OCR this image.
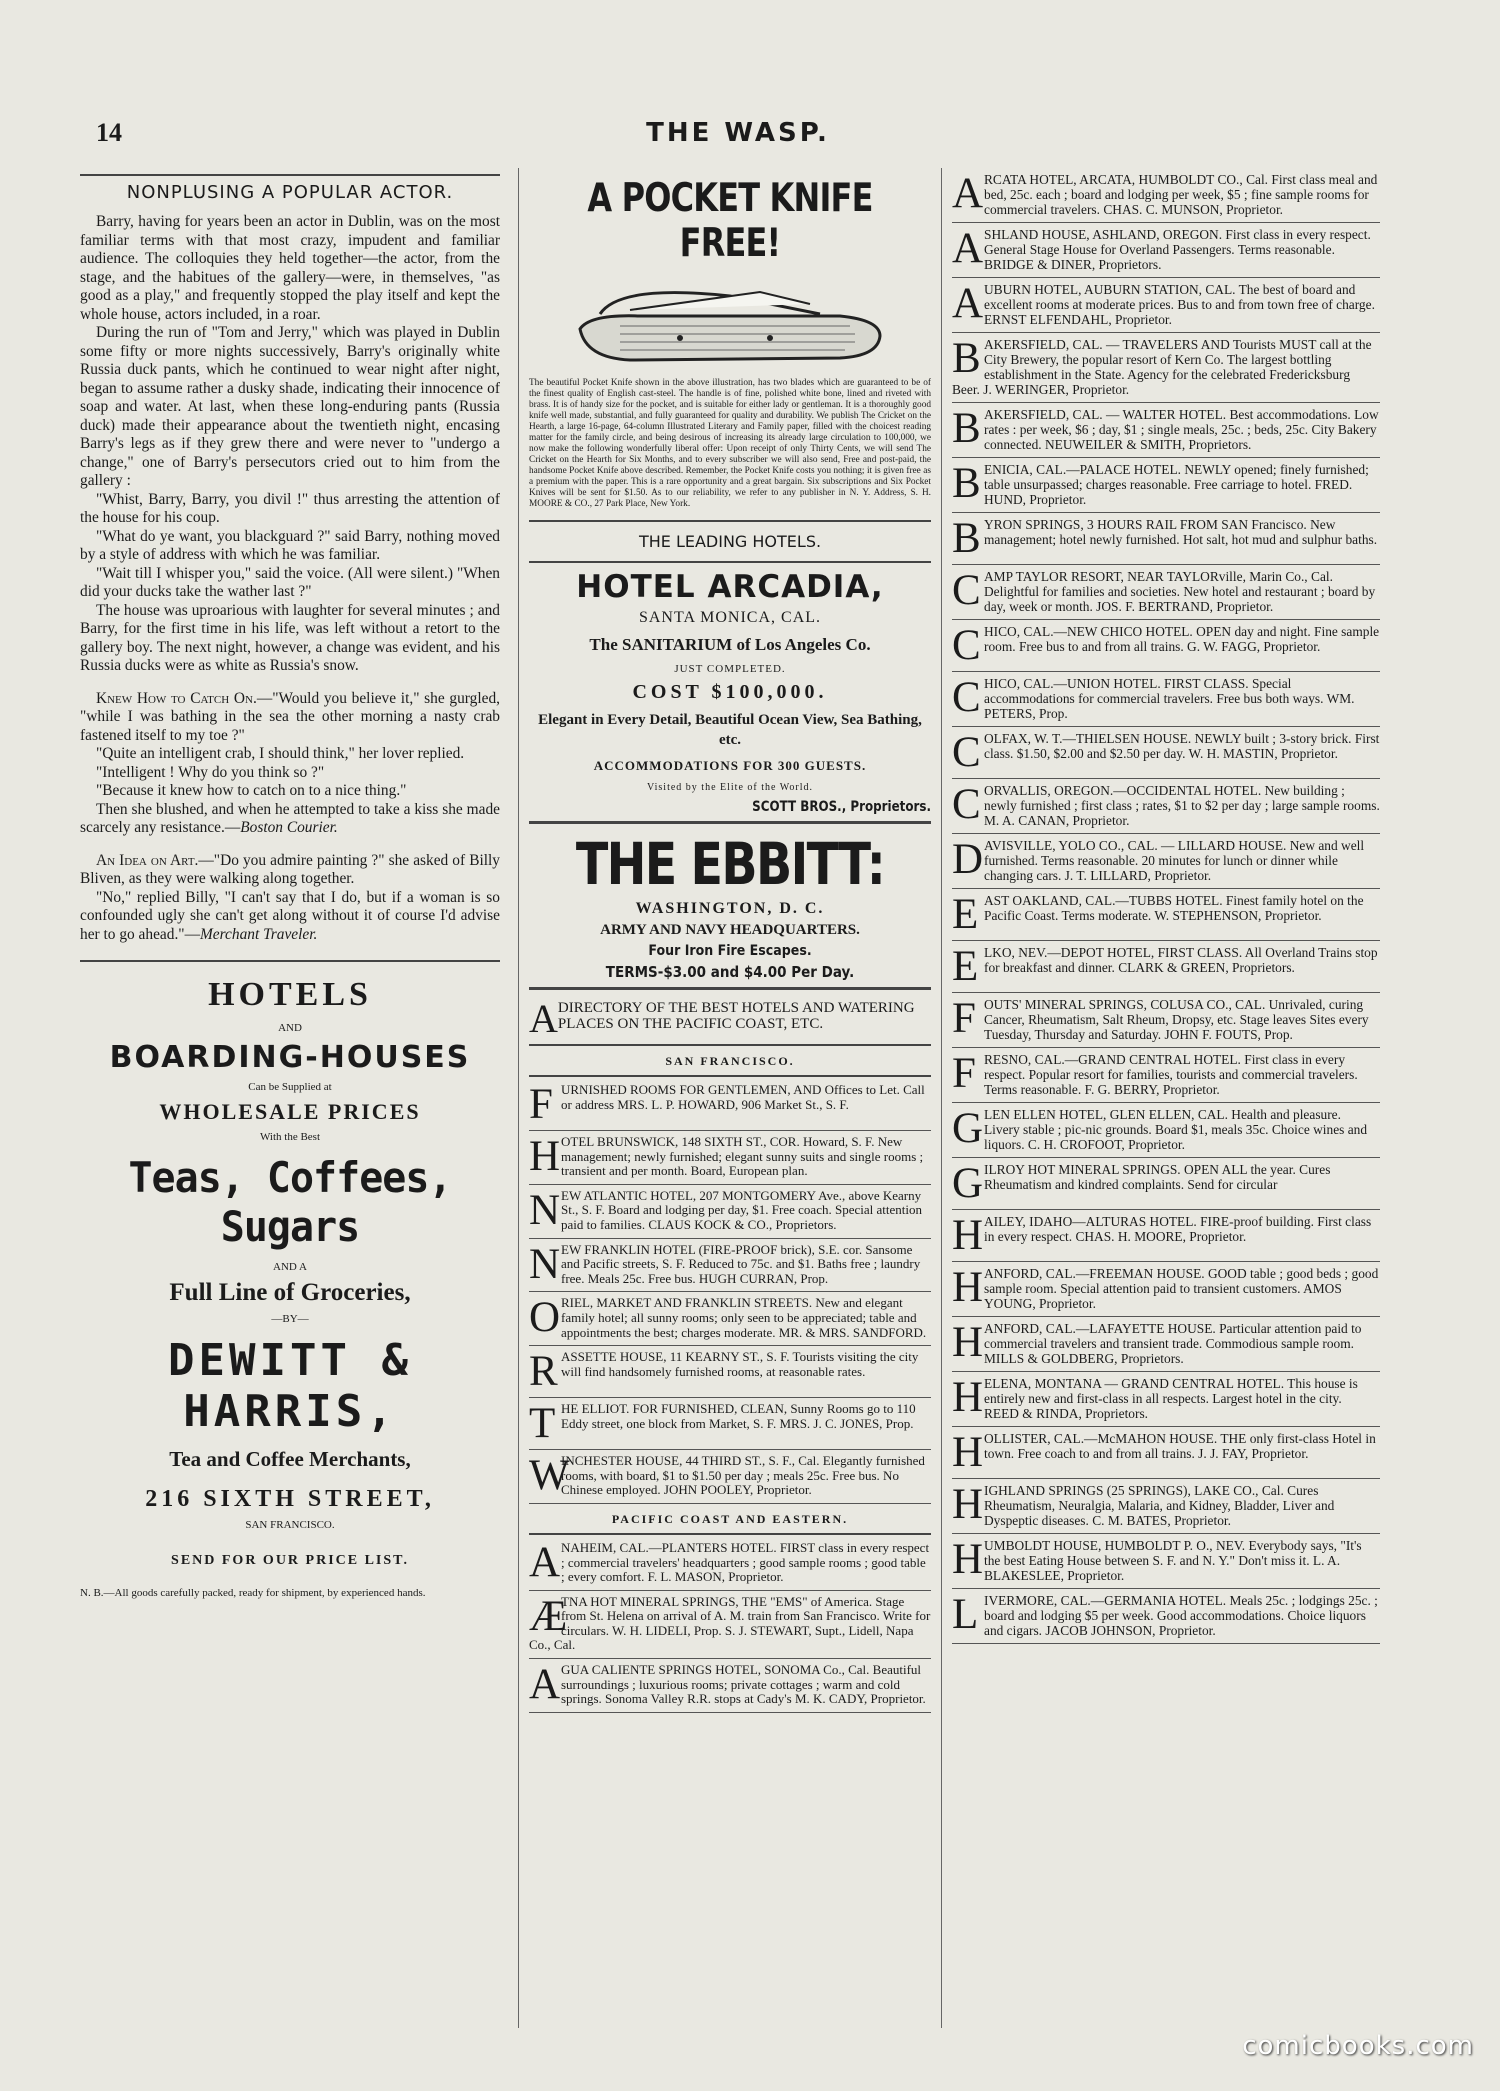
14	THE WASP.
NONPLUSING A POPULAR ACTOR.

Barry, having for years been an actor in Dublin, was on the most familiar terms with that most crazy, impudent and familiar audience. The colloquies they held together—the actor, from the stage, and the habitues of the gallery—were, in themselves, "as good as a play," and frequently stopped the play itself and kept the whole house, actors included, in a roar.

During the run of "Tom and Jerry," which was played in Dublin some fifty or more nights successively, Barry's originally white Russia duck pants, which he continued to wear night after night, began to assume rather a dusky shade, indicating their innocence of soap and water. At last, when these long-enduring pants (Russia duck) made their appearance about the twentieth night, encasing Barry's legs as if they grew there and were never to "undergo a change," one of Barry's persecutors cried out to him from the gallery :

"Whist, Barry, Barry, you divil !" thus arresting the attention of the house for his coup.

"What do ye want, you blackguard ?" said Barry, nothing moved by a style of address with which he was familiar.

"Wait till I whisper you," said the voice. (All were silent.) "When did your ducks take the wather last ?"

The house was uproarious with laughter for several minutes ; and Barry, for the first time in his life, was left without a retort to the gallery boy. The next night, however, a change was evident, and his Russia ducks were as white as Russia's snow.

Knew How to Catch On.—"Would you believe it," she gurgled, "while I was bathing in the sea the other morning a nasty crab fastened itself to my toe ?"

"Quite an intelligent crab, I should think," her lover replied.

"Intelligent ! Why do you think so ?"

"Because it knew how to catch on to a nice thing."

Then she blushed, and when he attempted to take a kiss she made scarcely any resistance.—Boston Courier.

An Idea on Art.—"Do you admire painting ?" she asked of Billy Bliven, as they were walking along together.

"No," replied Billy, "I can't say that I do, but if a woman is so confounded ugly she can't get along without it of course I'd advise her to go ahead."—Merchant Traveler.

HOTELS
AND
BOARDING-HOUSES
Can be Supplied at
WHOLESALE PRICES
With the Best
Teas, Coffees, Sugars
AND A
Full Line of Groceries,
—BY—
DEWITT & HARRIS,
Tea and Coffee Merchants,
216 SIXTH STREET,
SAN FRANCISCO.
SEND FOR OUR PRICE LIST.
N. B.—All goods carefully packed, ready for shipment, by experienced hands.
A POCKET KNIFE FREE!
The beautiful Pocket Knife shown in the above illustration, has two blades which are guaranteed to be of the finest quality of English cast-steel. The handle is of fine, polished white bone, lined and riveted with brass. It is of handy size for the pocket, and is suitable for either lady or gentleman. It is a thoroughly good knife well made, substantial, and fully guaranteed for quality and durability. We publish The Cricket on the Hearth, a large 16-page, 64-column Illustrated Literary and Family paper, filled with the choicest reading matter for the family circle, and being desirous of increasing its already large circulation to 100,000, we now make the following wonderfully liberal offer: Upon receipt of only Thirty Cents, we will send The Cricket on the Hearth for Six Months, and to every subscriber we will also send, Free and post-paid, the handsome Pocket Knife above described. Remember, the Pocket Knife costs you nothing; it is given free as a premium with the paper. This is a rare opportunity and a great bargain. Six subscriptions and Six Pocket Knives will be sent for $1.50. As to our reliability, we refer to any publisher in N. Y. Address, S. H. MOORE & CO., 27 Park Place, New York.
THE LEADING HOTELS.
HOTEL ARCADIA,
SANTA MONICA, CAL.
The SANITARIUM of Los Angeles Co.
JUST COMPLETED.
COST $100,000.
Elegant in Every Detail, Beautiful Ocean View, Sea Bathing, etc.
ACCOMMODATIONS FOR 300 GUESTS.
Visited by the Elite of the World.
SCOTT BROS., Proprietors.
THE EBBITT:
WASHINGTON, D. C.
ARMY AND NAVY HEADQUARTERS.
Four Iron Fire Escapes.
TERMS-$3.00 and $4.00 Per Day.
A DIRECTORY OF THE BEST HOTELS AND WATERING PLACES ON THE PACIFIC COAST, ETC.
SAN FRANCISCO.
FURNISHED ROOMS FOR GENTLEMEN, AND Offices to Let. Call or address MRS. L. P. HOWARD, 906 Market St., S. F.
HOTEL BRUNSWICK, 148 SIXTH ST., COR. Howard, S. F. New management; newly furnished; elegant sunny suits and single rooms ; transient and per month. Board, European plan.
NEW ATLANTIC HOTEL, 207 MONTGOMERY Ave., above Kearny St., S. F. Board and lodging per day, $1. Free coach. Special attention paid to families. CLAUS KOCK & CO., Proprietors.
NEW FRANKLIN HOTEL (FIRE-PROOF brick), S.E. cor. Sansome and Pacific streets, S. F. Reduced to 75c. and $1. Baths free ; laundry free. Meals 25c. Free bus. HUGH CURRAN, Prop.
ORIEL, MARKET AND FRANKLIN STREETS. New and elegant family hotel; all sunny rooms; only seen to be appreciated; table and appointments the best; charges moderate. MR. & MRS. SANDFORD.
RASSETTE HOUSE, 11 KEARNY ST., S. F. Tourists visiting the city will find handsomely furnished rooms, at reasonable rates.
THE ELLIOT. FOR FURNISHED, CLEAN, Sunny Rooms go to 110 Eddy street, one block from Market, S. F. MRS. J. C. JONES, Prop.
W
INCHESTER HOUSE, 44 THIRD ST., S. F., Cal. Elegantly furnished rooms, with board, $1 to $1.50 per day ; meals 25c. Free bus. No Chinese employed. JOHN POOLEY, Proprietor.
PACIFIC COAST AND EASTERN.
ANAHEIM, CAL.—PLANTERS HOTEL. FIRST class in every respect ; commercial travelers' headquarters ; good sample rooms ; good table ; every comfort. F. L. MASON, Proprietor.
Æ
TNA HOT MINERAL SPRINGS, THE "EMS" of America. Stage from St. Helena on arrival of A. M. train from San Francisco. Write for circulars. W. H. LIDELI, Prop. S. J. STEWART, Supt., Lidell, Napa Co., Cal.
AGUA CALIENTE SPRINGS HOTEL, SONOMA Co., Cal. Beautiful surroundings ; luxurious rooms; private cottages ; warm and cold springs. Sonoma Valley R.R. stops at Cady's M. K. CADY, Proprietor.
ARCATA HOTEL, ARCATA, HUMBOLDT CO., Cal. First class meal and bed, 25c. each ; board and lodging per week, $5 ; fine sample rooms for commercial travelers. CHAS. C. MUNSON, Proprietor.
ASHLAND HOUSE, ASHLAND, OREGON. First class in every respect. General Stage House for Overland Passengers. Terms reasonable. BRIDGE & DINER, Proprietors.
AUBURN HOTEL, AUBURN STATION, CAL. The best of board and excellent rooms at moderate prices. Bus to and from town free of charge. ERNST ELFENDAHL, Proprietor.
BAKERSFIELD, CAL. — TRAVELERS AND Tourists MUST call at the City Brewery, the popular resort of Kern Co. The largest bottling establishment in the State. Agency for the celebrated Fredericksburg Beer. J. WERINGER, Proprietor.
BAKERSFIELD, CAL. — WALTER HOTEL. Best accommodations. Low rates : per week, $6 ; day, $1 ; single meals, 25c. ; beds, 25c. City Bakery connected. NEUWEILER & SMITH, Proprietors.
BENICIA, CAL.—PALACE HOTEL. NEWLY opened; finely furnished; table unsurpassed; charges reasonable. Free carriage to hotel. FRED. HUND, Proprietor.
BYRON SPRINGS, 3 HOURS RAIL FROM SAN Francisco. New management; hotel newly furnished. Hot salt, hot mud and sulphur baths.
CAMP TAYLOR RESORT, NEAR TAYLORville, Marin Co., Cal. Delightful for families and societies. New hotel and restaurant ; board by day, week or month. JOS. F. BERTRAND, Proprietor.
CHICO, CAL.—NEW CHICO HOTEL. OPEN day and night. Fine sample room. Free bus to and from all trains. G. W. FAGG, Proprietor.
CHICO, CAL.—UNION HOTEL. FIRST CLASS. Special accommodations for commercial travelers. Free bus both ways. WM. PETERS, Prop.
COLFAX, W. T.—THIELSEN HOUSE. NEWLY built ; 3-story brick. First class. $1.50, $2.00 and $2.50 per day. W. H. MASTIN, Proprietor.
CORVALLIS, OREGON.—OCCIDENTAL HOTEL. New building ; newly furnished ; first class ; rates, $1 to $2 per day ; large sample rooms. M. A. CANAN, Proprietor.
DAVISVILLE, YOLO CO., CAL. — LILLARD HOUSE. New and well furnished. Terms reasonable. 20 minutes for lunch or dinner while changing cars. J. T. LILLARD, Proprietor.
EAST OAKLAND, CAL.—TUBBS HOTEL. Finest family hotel on the Pacific Coast. Terms moderate. W. STEPHENSON, Proprietor.
ELKO, NEV.—DEPOT HOTEL, FIRST CLASS. All Overland Trains stop for breakfast and dinner. CLARK & GREEN, Proprietors.
FOUTS' MINERAL SPRINGS, COLUSA CO., CAL. Unrivaled, curing Cancer, Rheumatism, Salt Rheum, Dropsy, etc. Stage leaves Sites every Tuesday, Thursday and Saturday. JOHN F. FOUTS, Prop.
FRESNO, CAL.—GRAND CENTRAL HOTEL. First class in every respect. Popular resort for families, tourists and commercial travelers. Terms reasonable. F. G. BERRY, Proprietor.
GLEN ELLEN HOTEL, GLEN ELLEN, CAL. Health and pleasure. Livery stable ; pic-nic grounds. Board $1, meals 35c. Choice wines and liquors. C. H. CROFOOT, Proprietor.
GILROY HOT MINERAL SPRINGS. OPEN ALL the year. Cures Rheumatism and kindred complaints. Send for circular
HAILEY, IDAHO—ALTURAS HOTEL. FIRE-proof building. First class in every respect. CHAS. H. MOORE, Proprietor.
HANFORD, CAL.—FREEMAN HOUSE. GOOD table ; good beds ; good sample room. Special attention paid to transient customers. AMOS YOUNG, Proprietor.
HANFORD, CAL.—LAFAYETTE HOUSE. Particular attention paid to commercial travelers and transient trade. Commodious sample room. MILLS & GOLDBERG, Proprietors.
HELENA, MONTANA — GRAND CENTRAL HOTEL. This house is entirely new and first-class in all respects. Largest hotel in the city. REED & RINDA, Proprietors.
HOLLISTER, CAL.—McMAHON HOUSE. THE only first-class Hotel in town. Free coach to and from all trains. J. J. FAY, Proprietor.
HIGHLAND SPRINGS (25 SPRINGS), LAKE CO., Cal. Cures Rheumatism, Neuralgia, Malaria, and Kidney, Bladder, Liver and Dyspeptic diseases. C. M. BATES, Proprietor.
HUMBOLDT HOUSE, HUMBOLDT P. O., NEV. Everybody says, "It's the best Eating House between S. F. and N. Y." Don't miss it. L. A. BLAKESLEE, Proprietor.
LIVERMORE, CAL.—GERMANIA HOTEL. Meals 25c. ; lodgings 25c. ; board and lodging $5 per week. Good accommodations. Choice liquors and cigars. JACOB JOHNSON, Proprietor.
comicbooks.com
